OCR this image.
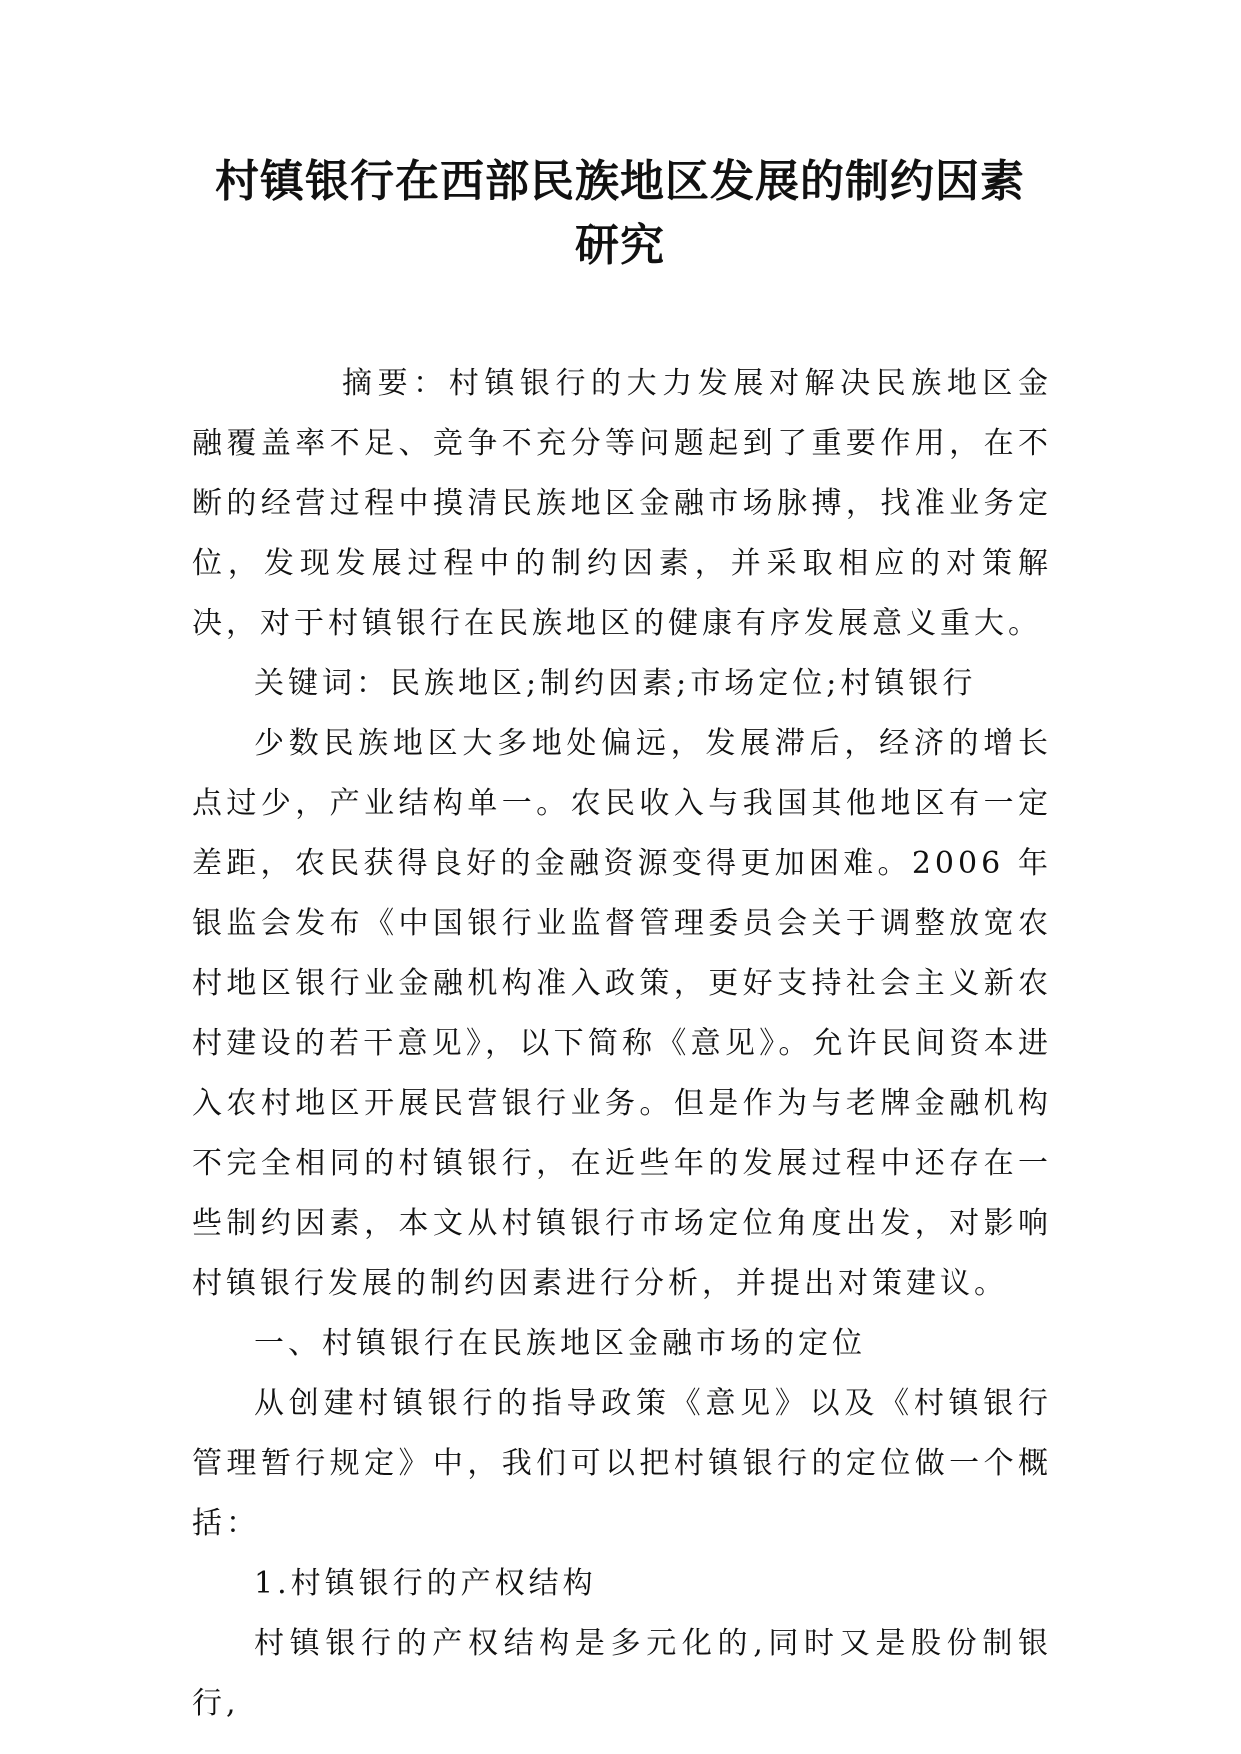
村镇银行在西部民族地区发展的制约因素
研究

摘要：村镇银行的大力发展对解决民族地区金融覆盖率不足、竞争不充分等问题起到了重要作用，在不断的经营过程中摸清民族地区金融市场脉搏，找准业务定位，发现发展过程中的制约因素，并采取相应的对策解决，对于村镇银行在民族地区的健康有序发展意义重大。

关键词：民族地区;制约因素;市场定位;村镇银行

少数民族地区大多地处偏远，发展滞后，经济的增长点过少，产业结构单一。农民收入与我国其他地区有一定差距，农民获得良好的金融资源变得更加困难。2006 年银监会发布《中国银行业监督管理委员会关于调整放宽农村地区银行业金融机构准入政策，更好支持社会主义新农村建设的若干意见》，以下简称《意见》。允许民间资本进入农村地区开展民营银行业务。但是作为与老牌金融机构不完全相同的村镇银行，在近些年的发展过程中还存在一些制约因素，本文从村镇银行市场定位角度出发，对影响村镇银行发展的制约因素进行分析，并提出对策建议。

一、村镇银行在民族地区金融市场的定位

从创建村镇银行的指导政策《意见》以及《村镇银行管理暂行规定》中，我们可以把村镇银行的定位做一个概括：

1.村镇银行的产权结构

村镇银行的产权结构是多元化的,同时又是股份制银行,
